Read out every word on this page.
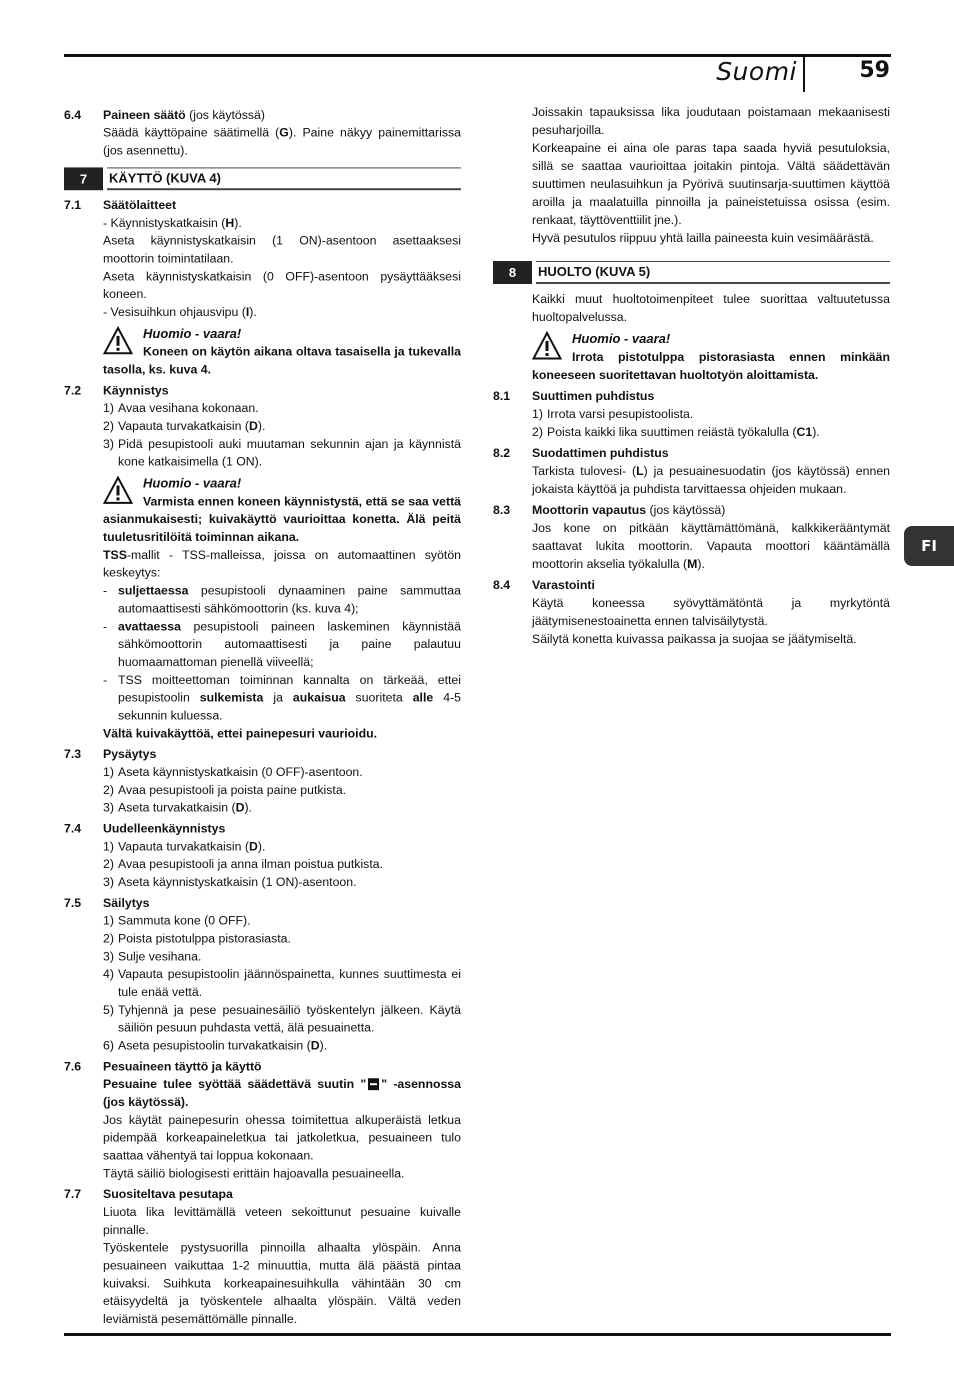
Suomi	59
FI
6.4	Paineen säätö (jos käytössä)
Säädä käyttöpaine säätimellä (G). Paine näkyy painemittarissa (jos asennettu).
7	KÄYTTÖ (KUVA 4)
7.1	Säätölaitteet
- Käynnistyskatkaisin (H).
Aseta käynnistyskatkaisin (1 ON)-asentoon asettaaksesi moottorin toimintatilaan.
Aseta käynnistyskatkaisin (0 OFF)-asentoon pysäyttääksesi koneen.
- Vesisuihkun ohjausvipu (I).
Huomio - vaara!
Koneen on käytön aikana oltava tasaisella ja tukevalla tasolla, ks. kuva 4.
7.2	Käynnistys
1) Avaa vesihana kokonaan.
2) Vapauta turvakatkaisin (D).
3) Pidä pesupistooli auki muutaman sekunnin ajan ja käynnistä kone katkaisimella (1 ON).
Huomio - vaara!
Varmista ennen koneen käynnistystä, että se saa vettä asianmukaisesti; kuivakäyttö vaurioittaa konetta. Älä peitä tuuletusritilöitä toiminnan aikana.
TSS-mallit - TSS-malleissa, joissa on automaattinen syötön keskeytys:
- suljettaessa pesupistooli dynaaminen paine sammuttaa automaattisesti sähkömoottorin (ks. kuva 4);
- avattaessa pesupistooli paineen laskeminen käynnistää sähkömoottorin automaattisesti ja paine palautuu huomaamattoman pienellä viiveellä;
- TSS moitteettoman toiminnan kannalta on tärkeää, ettei pesupistoolin sulkemista ja aukaisua suoriteta alle 4-5 sekunnin kuluessa.
Vältä kuivakäyttöä, ettei painepesuri vaurioidu.
7.3	Pysäytys
1) Aseta käynnistyskatkaisin (0 OFF)-asentoon.
2) Avaa pesupistooli ja poista paine putkista.
3) Aseta turvakatkaisin (D).
7.4	Uudelleenkäynnistys
1) Vapauta turvakatkaisin (D).
2) Avaa pesupistooli ja anna ilman poistua putkista.
3) Aseta käynnistyskatkaisin (1 ON)-asentoon.
7.5	Säilytys
1) Sammuta kone (0 OFF).
2) Poista pistotulppa pistorasiasta.
3) Sulje vesihana.
4) Vapauta pesupistoolin jäännöspainetta, kunnes suuttimesta ei tule enää vettä.
5) Tyhjennä ja pese pesuainesäiliö työskentelyn jälkeen. Käytä säiliön pesuun puhdasta vettä, älä pesuainetta.
6) Aseta pesupistoolin turvakatkaisin (D).
7.6	Pesuaineen täyttö ja käyttö
Pesuaine tulee syöttää säädettävä suutin " " -asennossa (jos käytössä).
Jos käytät painepesurin ohessa toimitettua alkuperäistä letkua pidempää korkeapaineletkua tai jatkoletkua, pesuaineen tulo saattaa vähentyä tai loppua kokonaan.
Täytä säiliö biologisesti erittäin hajoavalla pesuaineella.
7.7	Suositeltava pesutapa
Liuota lika levittämällä veteen sekoittunut pesuaine kuivalle pinnalle.
Työskentele pystysuorilla pinnoilla alhaalta ylöspäin. Anna pesuaineen vaikuttaa 1-2 minuuttia, mutta älä päästä pintaa kuivaksi. Suihkuta korkeapainesuihkulla vähintään 30 cm etäisyydeltä ja työskentele alhaalta ylöspäin. Vältä veden leviämistä pesemättömälle pinnalle.
Joissakin tapauksissa lika joudutaan poistamaan mekaanisesti pesuharjoilla.
Korkeapaine ei aina ole paras tapa saada hyviä pesutuloksia, sillä se saattaa vaurioittaa joitakin pintoja. Vältä säädettävän suuttimen neulasuihkun ja Pyörivä suutinsarja-suuttimen käyttöä aroilla ja maalatuilla pinnoilla ja paineistetuissa osissa (esim. renkaat, täyttöventtiilit jne.).
Hyvä pesutulos riippuu yhtä lailla paineesta kuin vesimäärästä.
8	HUOLTO (KUVA 5)
Kaikki muut huoltotoimenpiteet tulee suorittaa valtuutetussa huoltopalvelussa.
Huomio - vaara!
Irrota pistotulppa pistorasiasta ennen minkään koneeseen suoritettavan huoltotyön aloittamista.
8.1	Suuttimen puhdistus
1) Irrota varsi pesupistoolista.
2) Poista kaikki lika suuttimen reiästä työkalulla (C1).
8.2	Suodattimen puhdistus
Tarkista tulovesi- (L) ja pesuainesuodatin (jos käytössä) ennen jokaista käyttöä ja puhdista tarvittaessa ohjeiden mukaan.
8.3	Moottorin vapautus (jos käytössä)
Jos kone on pitkään käyttämättömänä, kalkkikerääntymät saattavat lukita moottorin. Vapauta moottori kääntämällä moottorin akselia työkalulla (M).
8.4	Varastointi
Käytä koneessa syövyttämätöntä ja myrkytöntä jäätymisenestoainetta ennen talvisäilytystä.
Säilytä konetta kuivassa paikassa ja suojaa se jäätymiseltä.
